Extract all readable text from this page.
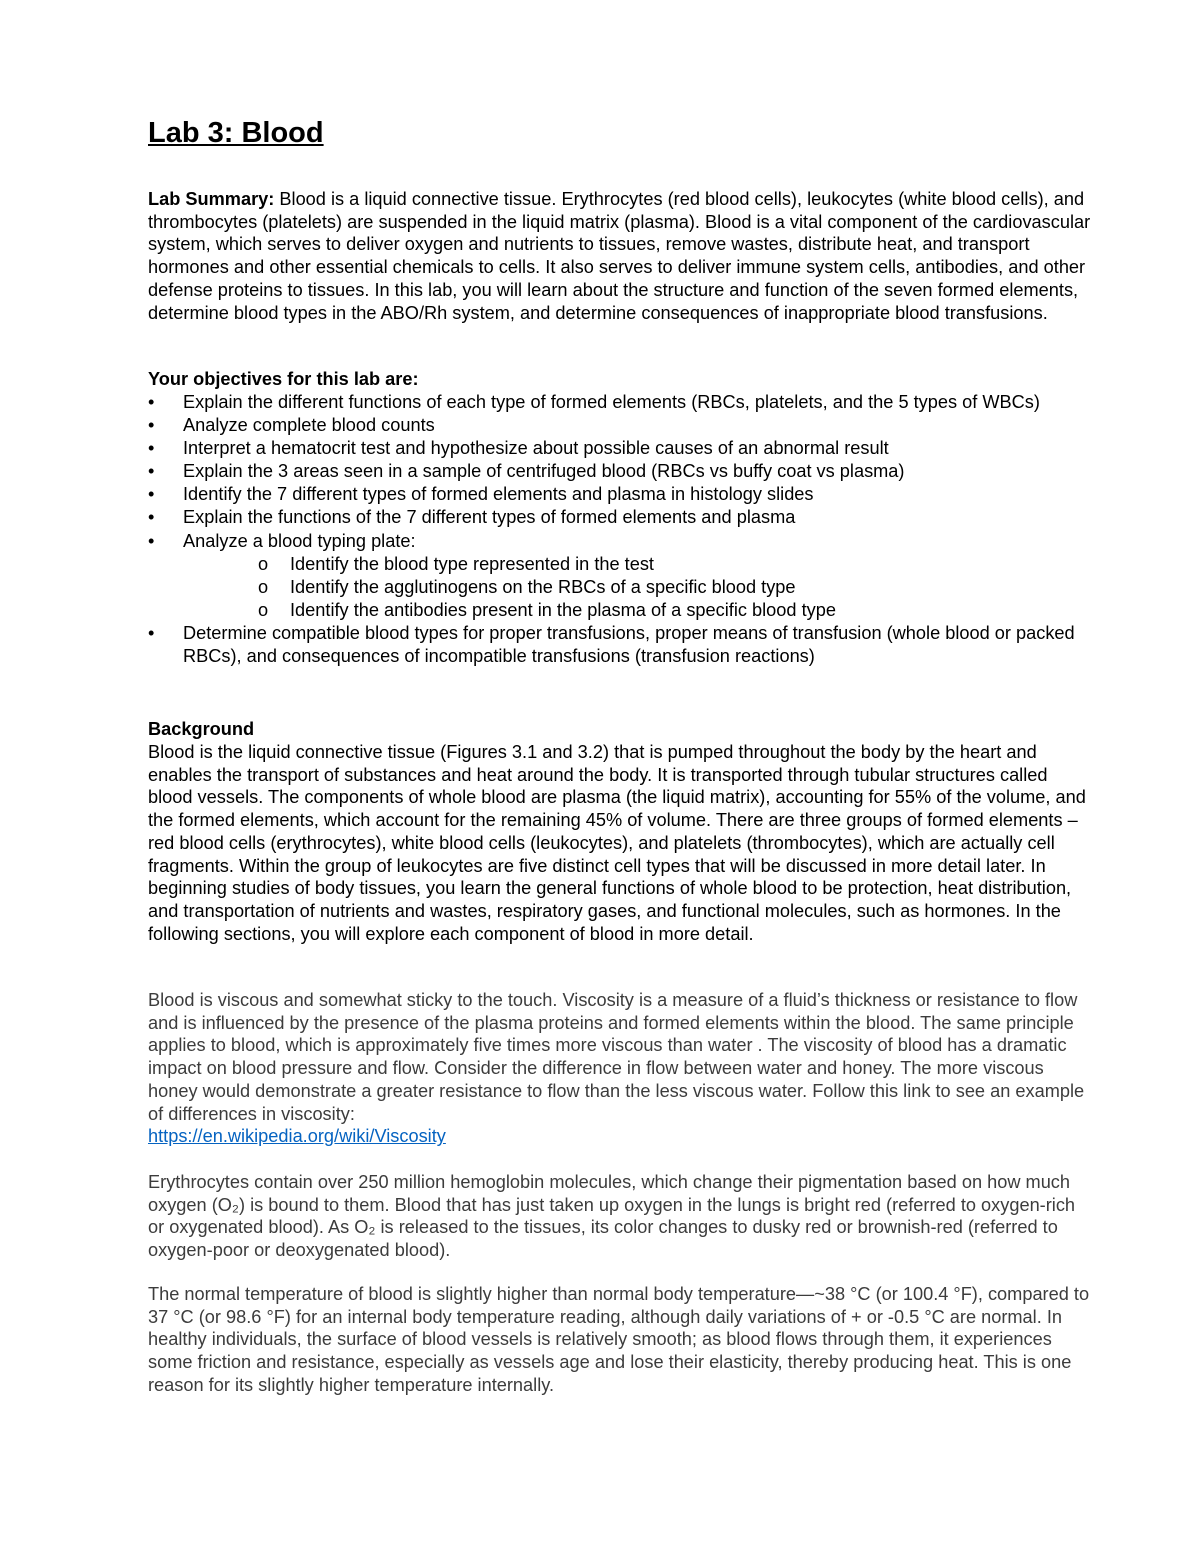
Lab 3: Blood

Lab Summary: Blood is a liquid connective tissue. Erythrocytes (red blood cells), leukocytes (white blood cells), and thrombocytes (platelets) are suspended in the liquid matrix (plasma). Blood is a vital component of the cardiovascular system, which serves to deliver oxygen and nutrients to tissues, remove wastes, distribute heat, and transport hormones and other essential chemicals to cells. It also serves to deliver immune system cells, antibodies, and other defense proteins to tissues. In this lab, you will learn about the structure and function of the seven formed elements, determine blood types in the ABO/Rh system, and determine consequences of inappropriate blood transfusions.

Your objectives for this lab are:

• Explain the different functions of each type of formed elements (RBCs, platelets, and the 5 types of WBCs)
• Analyze complete blood counts
• Interpret a hematocrit test and hypothesize about possible causes of an abnormal result
• Explain the 3 areas seen in a sample of centrifuged blood (RBCs vs buffy coat vs plasma)
• Identify the 7 different types of formed elements and plasma in histology slides
• Explain the functions of the 7 different types of formed elements and plasma
• Analyze a blood typing plate:
o Identify the blood type represented in the test
o Identify the agglutinogens on the RBCs of a specific blood type
o Identify the antibodies present in the plasma of a specific blood type
• Determine compatible blood types for proper transfusions, proper means of transfusion (whole blood or packed RBCs), and consequences of incompatible transfusions (transfusion reactions)

Background

Blood is the liquid connective tissue (Figures 3.1 and 3.2) that is pumped throughout the body by the heart and enables the transport of substances and heat around the body. It is transported through tubular structures called blood vessels. The components of whole blood are plasma (the liquid matrix), accounting for 55% of the volume, and the formed elements, which account for the remaining 45% of volume. There are three groups of formed elements – red blood cells (erythrocytes), white blood cells (leukocytes), and platelets (thrombocytes), which are actually cell fragments. Within the group of leukocytes are five distinct cell types that will be discussed in more detail later. In beginning studies of body tissues, you learn the general functions of whole blood to be protection, heat distribution, and transportation of nutrients and wastes, respiratory gases, and functional molecules, such as hormones. In the following sections, you will explore each component of blood in more detail.

Blood is viscous and somewhat sticky to the touch. Viscosity is a measure of a fluid’s thickness or resistance to flow and is influenced by the presence of the plasma proteins and formed elements within the blood. The same principle applies to blood, which is approximately five times more viscous than water . The viscosity of blood has a dramatic impact on blood pressure and flow. Consider the difference in flow between water and honey. The more viscous honey would demonstrate a greater resistance to flow than the less viscous water. Follow this link to see an example of differences in viscosity:
https://en.wikipedia.org/wiki/Viscosity

Erythrocytes contain over 250 million hemoglobin molecules, which change their pigmentation based on how much oxygen (O₂) is bound to them. Blood that has just taken up oxygen in the lungs is bright red (referred to oxygen-rich or oxygenated blood). As O₂ is released to the tissues, its color changes to dusky red or brownish-red (referred to oxygen-poor or deoxygenated blood).

The normal temperature of blood is slightly higher than normal body temperature—~38 °C (or 100.4 °F), compared to 37 °C (or 98.6 °F) for an internal body temperature reading, although daily variations of + or -0.5 °C are normal. In healthy individuals, the surface of blood vessels is relatively smooth; as blood flows through them, it experiences some friction and resistance, especially as vessels age and lose their elasticity, thereby producing heat. This is one reason for its slightly higher temperature internally.
